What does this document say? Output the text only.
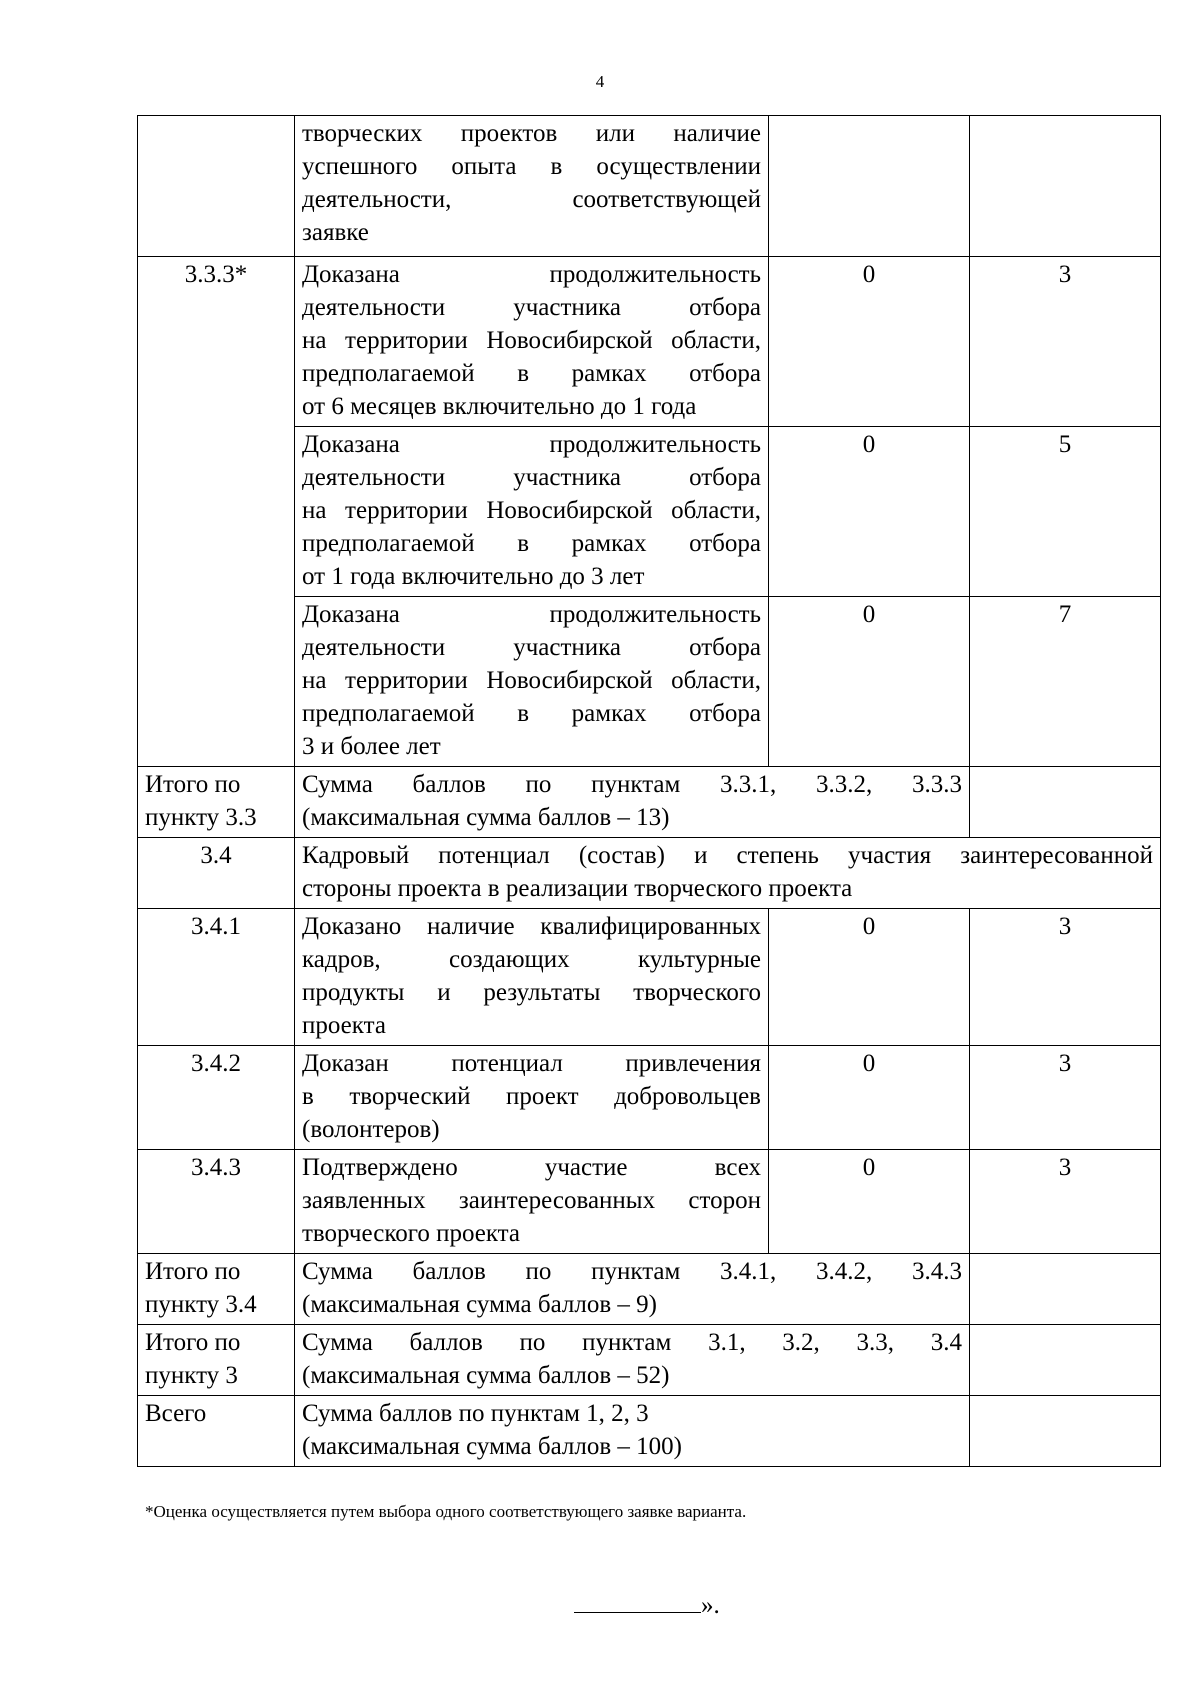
4
	творческих проектов или наличие
успешного опыта в осуществлении
деятельности, соответствующей
заявке		

3.3.3*	Доказана продолжительность
деятельности участника отбора
на территории Новосибирской области,
предполагаемой в рамках отбора
от 6 месяцев включительно до 1 года	0	3
	Доказана продолжительность
деятельности участника отбора
на территории Новосибирской области,
предполагаемой в рамках отбора
от 1 года включительно до 3 лет	0	5
	Доказана продолжительность
деятельности участника отбора
на территории Новосибирской области,
предполагаемой в рамках отбора
3 и более лет	0	7
Итого по пункту 3.3	Сумма баллов по пунктам 3.3.1, 3.3.2, 3.3.3
(максимальная сумма баллов – 13)		

3.4	Кадровый потенциал (состав) и степень участия заинтересованной
стороны проекта в реализации творческого проекта		

3.4.1	Доказано наличие квалифицированных
кадров, создающих культурные
продукты и результаты творческого
проекта	0	3
3.4.2	Доказан потенциал привлечения
в творческий проект добровольцев
(волонтеров)	0	3
3.4.3	Подтверждено участие всех
заявленных заинтересованных сторон
творческого проекта	0	3
Итого по пункту 3.4	Сумма баллов по пунктам 3.4.1, 3.4.2, 3.4.3
(максимальная сумма баллов – 9)		

Итого по пункту 3	Сумма баллов по пунктам 3.1, 3.2, 3.3, 3.4
(максимальная сумма баллов – 52)		

Всего	Сумма баллов по пунктам 1, 2, 3
(максимальная сумма баллов – 100)		
*Оценка осуществляется путем выбора одного соответствующего заявке варианта.
».
